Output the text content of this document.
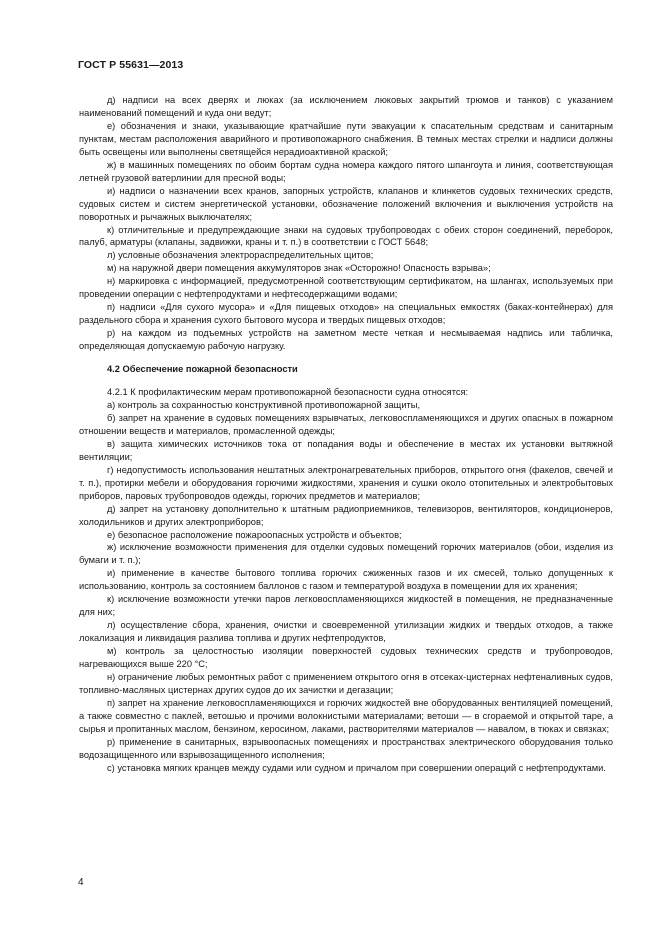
ГОСТ Р 55631—2013

д) надписи на всех дверях и люках (за исключением люковых закрытий трюмов и танков) с указанием наименований помещений и куда они ведут;

е) обозначения и знаки, указывающие кратчайшие пути эвакуации к спасательным средствам и санитарным пунктам, местам расположения аварийного и противопожарного снабжения. В темных местах стрелки и надписи должны быть освещены или выполнены светящейся нерадиоактивной краской;

ж) в машинных помещениях по обоим бортам судна номера каждого пятого шпангоута и линия, соответствующая летней грузовой ватерлинии для пресной воды;

и) надписи о назначении всех кранов, запорных устройств, клапанов и клинкетов судовых технических средств, судовых систем и систем энергетической установки, обозначение положений включения и выключения устройств на поворотных и рычажных выключателях;

к) отличительные и предупреждающие знаки на судовых трубопроводах с обеих сторон соединений, переборок, палуб, арматуры (клапаны, задвижки, краны и т. п.) в соответствии с ГОСТ 5648;

л) условные обозначения электрораспределительных щитов;

м) на наружной двери помещения аккумуляторов знак «Осторожно! Опасность взрыва»;

н) маркировка с информацией, предусмотренной соответствующим сертификатом, на шлангах, используемых при проведении операции с нефтепродуктами и нефтесодержащими водами;

п) надписи «Для сухого мусора» и «Для пищевых отходов» на специальных емкостях (баках-контейнерах) для раздельного сбора и хранения сухого бытового мусора и твердых пищевых отходов;

р) на каждом из подъемных устройств на заметном месте четкая и несмываемая надпись или табличка, определяющая допускаемую рабочую нагрузку.

4.2 Обеспечение пожарной безопасности

4.2.1 К профилактическим мерам противопожарной безопасности судна относятся:

а) контроль за сохранностью конструктивной противопожарной защиты,

б) запрет на хранение в судовых помещениях взрывчатых, легковоспламеняющихся и других опасных в пожарном отношении веществ и материалов, промасленной одежды;

в) защита химических источников тока от попадания воды и обеспечение в местах их установки вытяжной вентиляции;

г) недопустимость использования нештатных электронагревательных приборов, открытого огня (факелов, свечей и т. п.), протирки мебели и оборудования горючими жидкостями, хранения и сушки около отопительных и электробытовых приборов, паровых трубопроводов одежды, горючих предметов и материалов;

д) запрет на установку дополнительно к штатным радиоприемников, телевизоров, вентиляторов, кондиционеров, холодильников и других электроприборов;

е) безопасное расположение пожароопасных устройств и объектов;

ж) исключение возможности применения для отделки судовых помещений горючих материалов (обои, изделия из бумаги и т. п.);

и) применение в качестве бытового топлива горючих сжиженных газов и их смесей, только допущенных к использованию, контроль за состоянием баллонов с газом и температурой воздуха в помещении для их хранения;

к) исключение возможности утечки паров легковоспламеняющихся жидкостей в помещения, не предназначенные для них;

л) осуществление сбора, хранения, очистки и своевременной утилизации жидких и твердых отходов, а также локализация и ликвидация разлива топлива и других нефтепродуктов,

м) контроль за целостностью изоляции поверхностей судовых технических средств и трубопроводов, нагревающихся выше 220 °С;

н) ограничение любых ремонтных работ с применением открытого огня в отсеках-цистернах нефтеналивных судов, топливно-масляных цистернах других судов до их зачистки и дегазации;

п) запрет на хранение легковоспламеняющихся и горючих жидкостей вне оборудованных вентиляцией помещений, а также совместно с паклей, ветошью и прочими волокнистыми материалами; ветоши — в сгораемой и открытой таре, а сырья и пропитанных маслом, бензином, керосином, лаками, растворителями материалов — навалом, в тюках и связках;

р) применение в санитарных, взрывоопасных помещениях и пространствах электрического оборудования только водозащищенного или взрывозащищенного исполнения;

с) установка мягких кранцев между судами или судном и причалом при совершении операций с нефтепродуктами.

4
